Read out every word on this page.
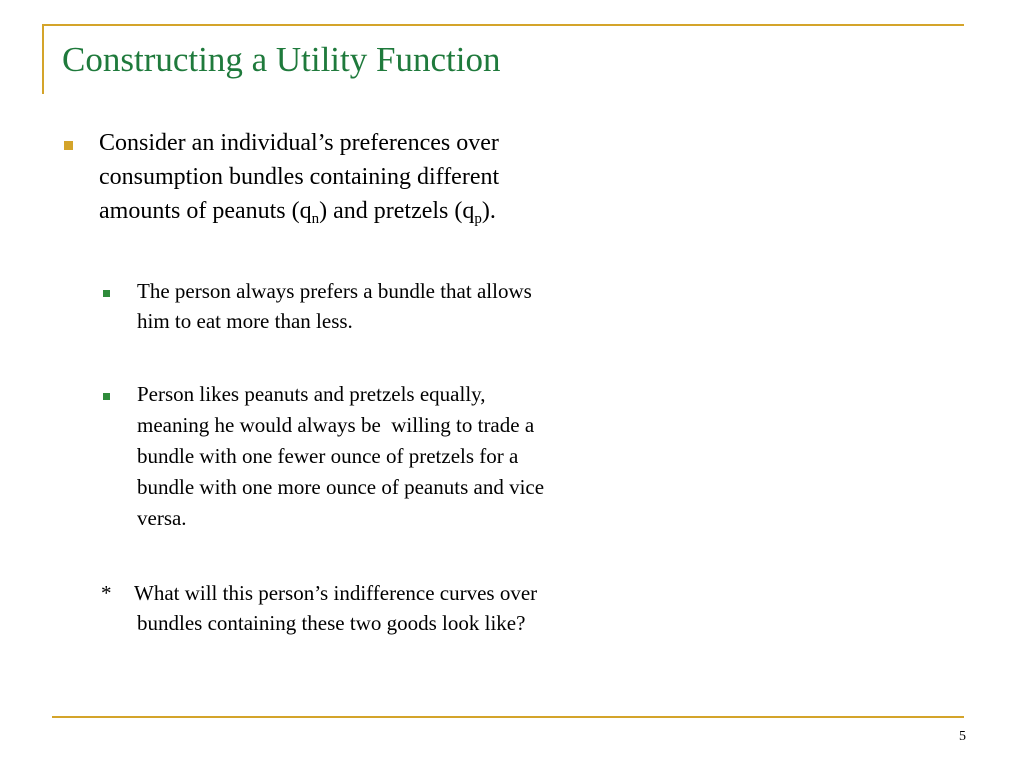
Constructing a Utility Function

Consider an individual’s preferences over
consumption bundles containing different
amounts of peanuts $(q_n)$ and pretzels $(q_p)$.

The person always prefers a bundle that allows
him to eat more than less.

Person likes peanuts and pretzels equally,
meaning he would always be  willing to trade a
bundle with one fewer ounce of pretzels for a
bundle with one more ounce of peanuts and vice
versa.

* What will this person’s indifference curves over
bundles containing these two goods look like?
5
